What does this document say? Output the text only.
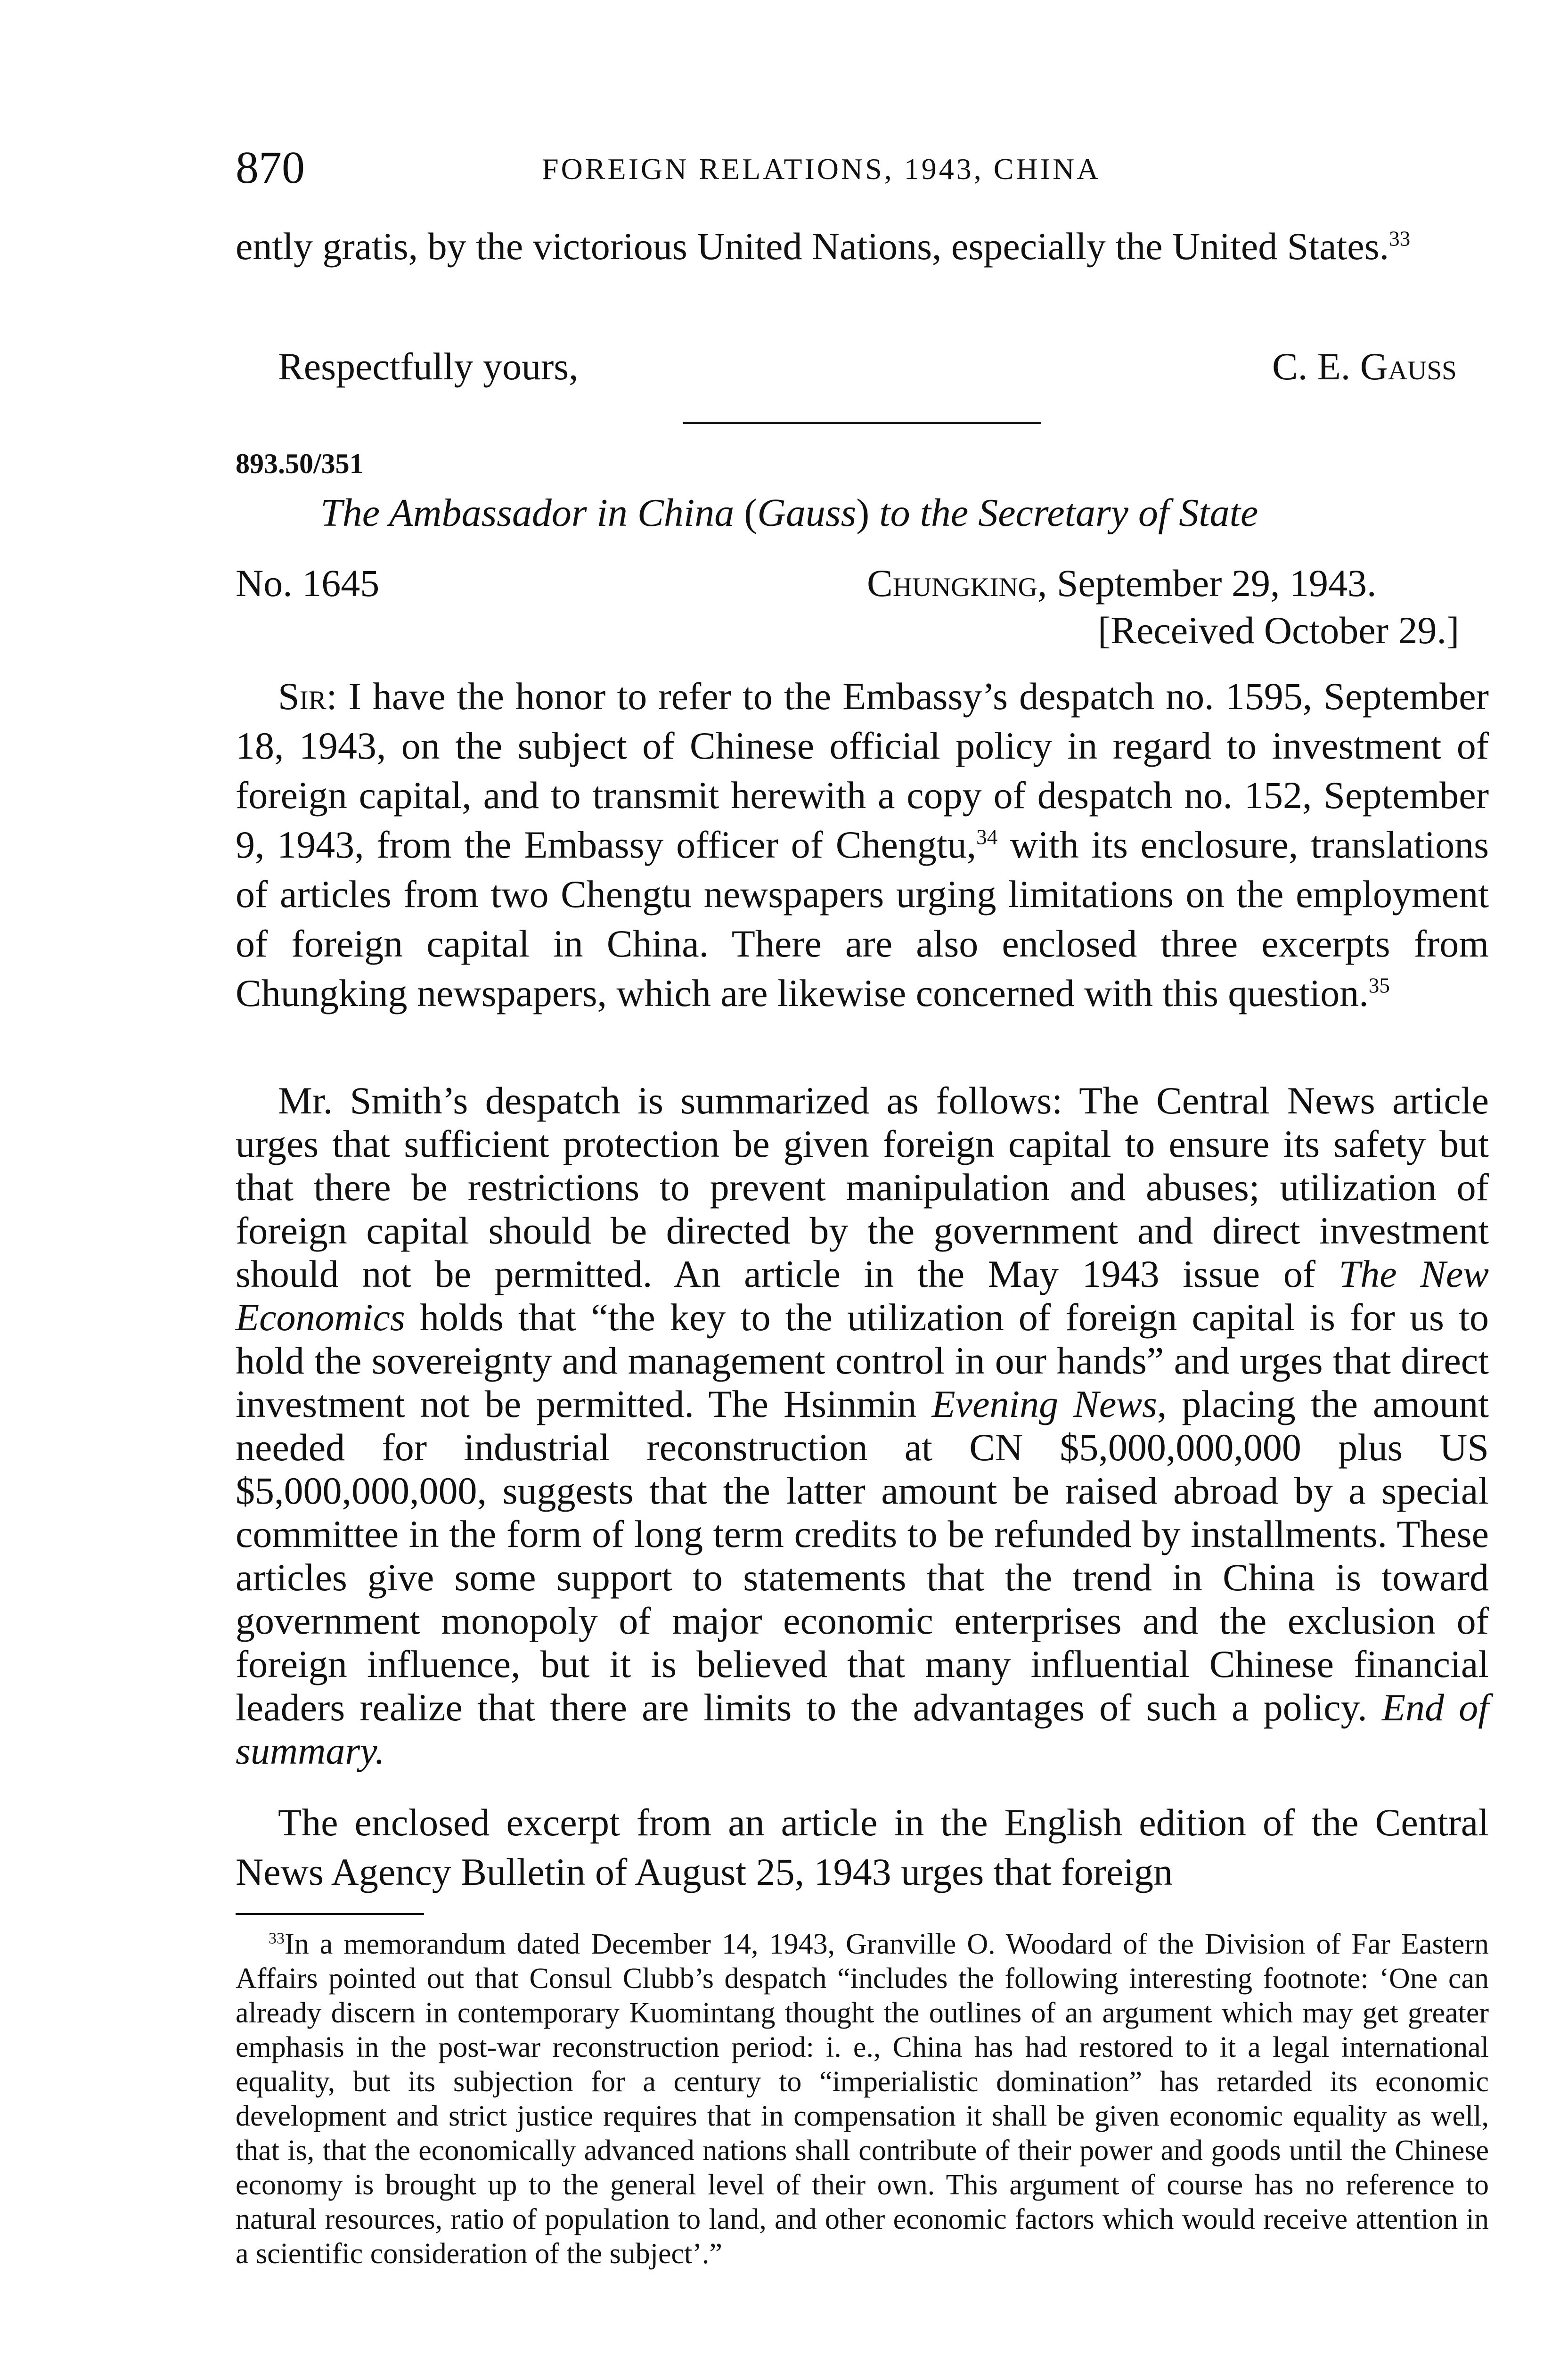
870	FOREIGN RELATIONS, 1943, CHINA
ently gratis, by the victorious United Nations, especially the United States.$^{33}$
Respectfully yours,	C. E. Gauss
893.50/351
The Ambassador in China (Gauss) to the Secretary of State
No. 1645	Chungking, September 29, 1943.
[Received October 29.]
Sir: I have the honor to refer to the Embassy’s despatch no. 1595, September 18, 1943, on the subject of Chinese official policy in regard to investment of foreign capital, and to transmit herewith a copy of despatch no. 152, September 9, 1943, from the Embassy officer of Chengtu,$^{34}$ with its enclosure, translations of articles from two Chengtu newspapers urging limitations on the employment of foreign capital in China. There are also enclosed three excerpts from Chungking newspapers, which are likewise concerned with this question.$^{35}$
Mr. Smith’s despatch is summarized as follows: The Central News article urges that sufficient protection be given foreign capital to ensure its safety but that there be restrictions to prevent manipulation and abuses; utilization of foreign capital should be directed by the government and direct investment should not be permitted. An article in the May 1943 issue of The New Economics holds that “the key to the utilization of foreign capital is for us to hold the sovereignty and management control in our hands” and urges that direct investment not be permitted. The Hsinmin Evening News, placing the amount needed for industrial reconstruction at CN $5,000,000,000 plus US $5,000,000,000, suggests that the latter amount be raised abroad by a special committee in the form of long term credits to be refunded by installments. These articles give some support to statements that the trend in China is toward government monopoly of major economic enterprises and the exclusion of foreign influence, but it is believed that many influential Chinese financial leaders realize that there are limits to the advantages of such a policy. End of summary.
The enclosed excerpt from an article in the English edition of the Central News Agency Bulletin of August 25, 1943 urges that foreign
$^{33}$In a memorandum dated December 14, 1943, Granville O. Woodard of the Division of Far Eastern Affairs pointed out that Consul Clubb’s despatch “includes the following interesting footnote: ‘One can already discern in contemporary Kuomintang thought the outlines of an argument which may get greater emphasis in the post-war reconstruction period: i. e., China has had restored to it a legal international equality, but its subjection for a century to “imperialistic domination” has retarded its economic development and strict justice requires that in compensation it shall be given economic equality as well, that is, that the economically advanced nations shall contribute of their power and goods until the Chinese economy is brought up to the general level of their own. This argument of course has no reference to natural resources, ratio of population to land, and other economic factors which would receive attention in a scientific consideration of the subject’.”
